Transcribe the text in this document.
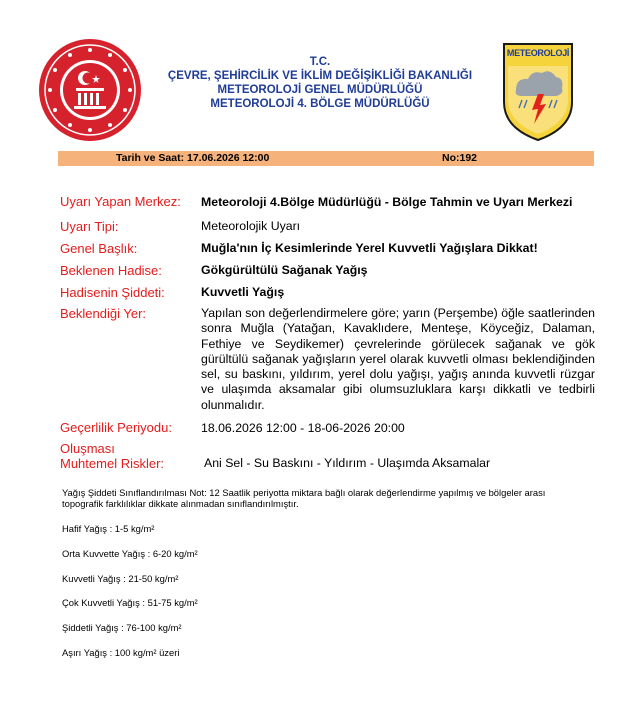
T.C.
ÇEVRE, ŞEHİRCİLİK VE İKLİM DEĞİŞİKLİĞİ BAKANLIĞI
METEOROLOJİ GENEL MÜDÜRLÜĞÜ
METEOROLOJİ 4. BÖLGE MÜDÜRLÜĞÜ
METEOROLOJİ
Tarih ve Saat: 17.06.2026 12:00	No:192
Uyarı Yapan Merkez: Meteoroloji 4.Bölge Müdürlüğü - Bölge Tahmin ve Uyarı Merkezi
Uyarı Tipi:	Meteorolojik Uyarı
Genel Başlık:	Muğla'nın İç Kesimlerinde Yerel Kuvvetli Yağışlara Dikkat!
Beklenen Hadise:	Gökgürültülü Sağanak Yağış
Hadisenin Şiddeti:	Kuvvetli Yağış
Beklendiği Yer:	Yapılan son değerlendirmelere göre; yarın (Perşembe) öğle saatlerinden sonra Muğla (Yatağan, Kavaklıdere, Menteşe, Köyceğiz, Dalaman, Fethiye ve Seydikemer) çevrelerinde görülecek sağanak ve gök gürültülü sağanak yağışların yerel olarak kuvvetli olması beklendiğinden sel, su baskını, yıldırım, yerel dolu yağışı, yağış anında kuvvetli rüzgar ve ulaşımda aksamalar gibi olumsuzluklara karşı dikkatli ve tedbirli olunmalıdır.
Geçerlilik Periyodu: 18.06.2026 12:00 - 18-06-2026 20:00
Oluşması
Muhtemel Riskler:	Ani Sel - Su Baskını - Yıldırım - Ulaşımda Aksamalar
Yağış Şiddeti Sınıflandırılması Not: 12 Saatlik periyotta miktara bağlı olarak değerlendirme yapılmış ve bölgeler arası
topografik farklılıklar dikkate alınmadan sınıflandırılmıştır.
Hafif Yağış : 1-5 kg/m²
Orta Kuvvette Yağış : 6-20 kg/m²
Kuvvetli Yağış : 21-50 kg/m²
Çok Kuvvetli Yağış : 51-75 kg/m²
Şiddetli Yağış : 76-100 kg/m²
Aşırı Yağış : 100 kg/m² üzeri
